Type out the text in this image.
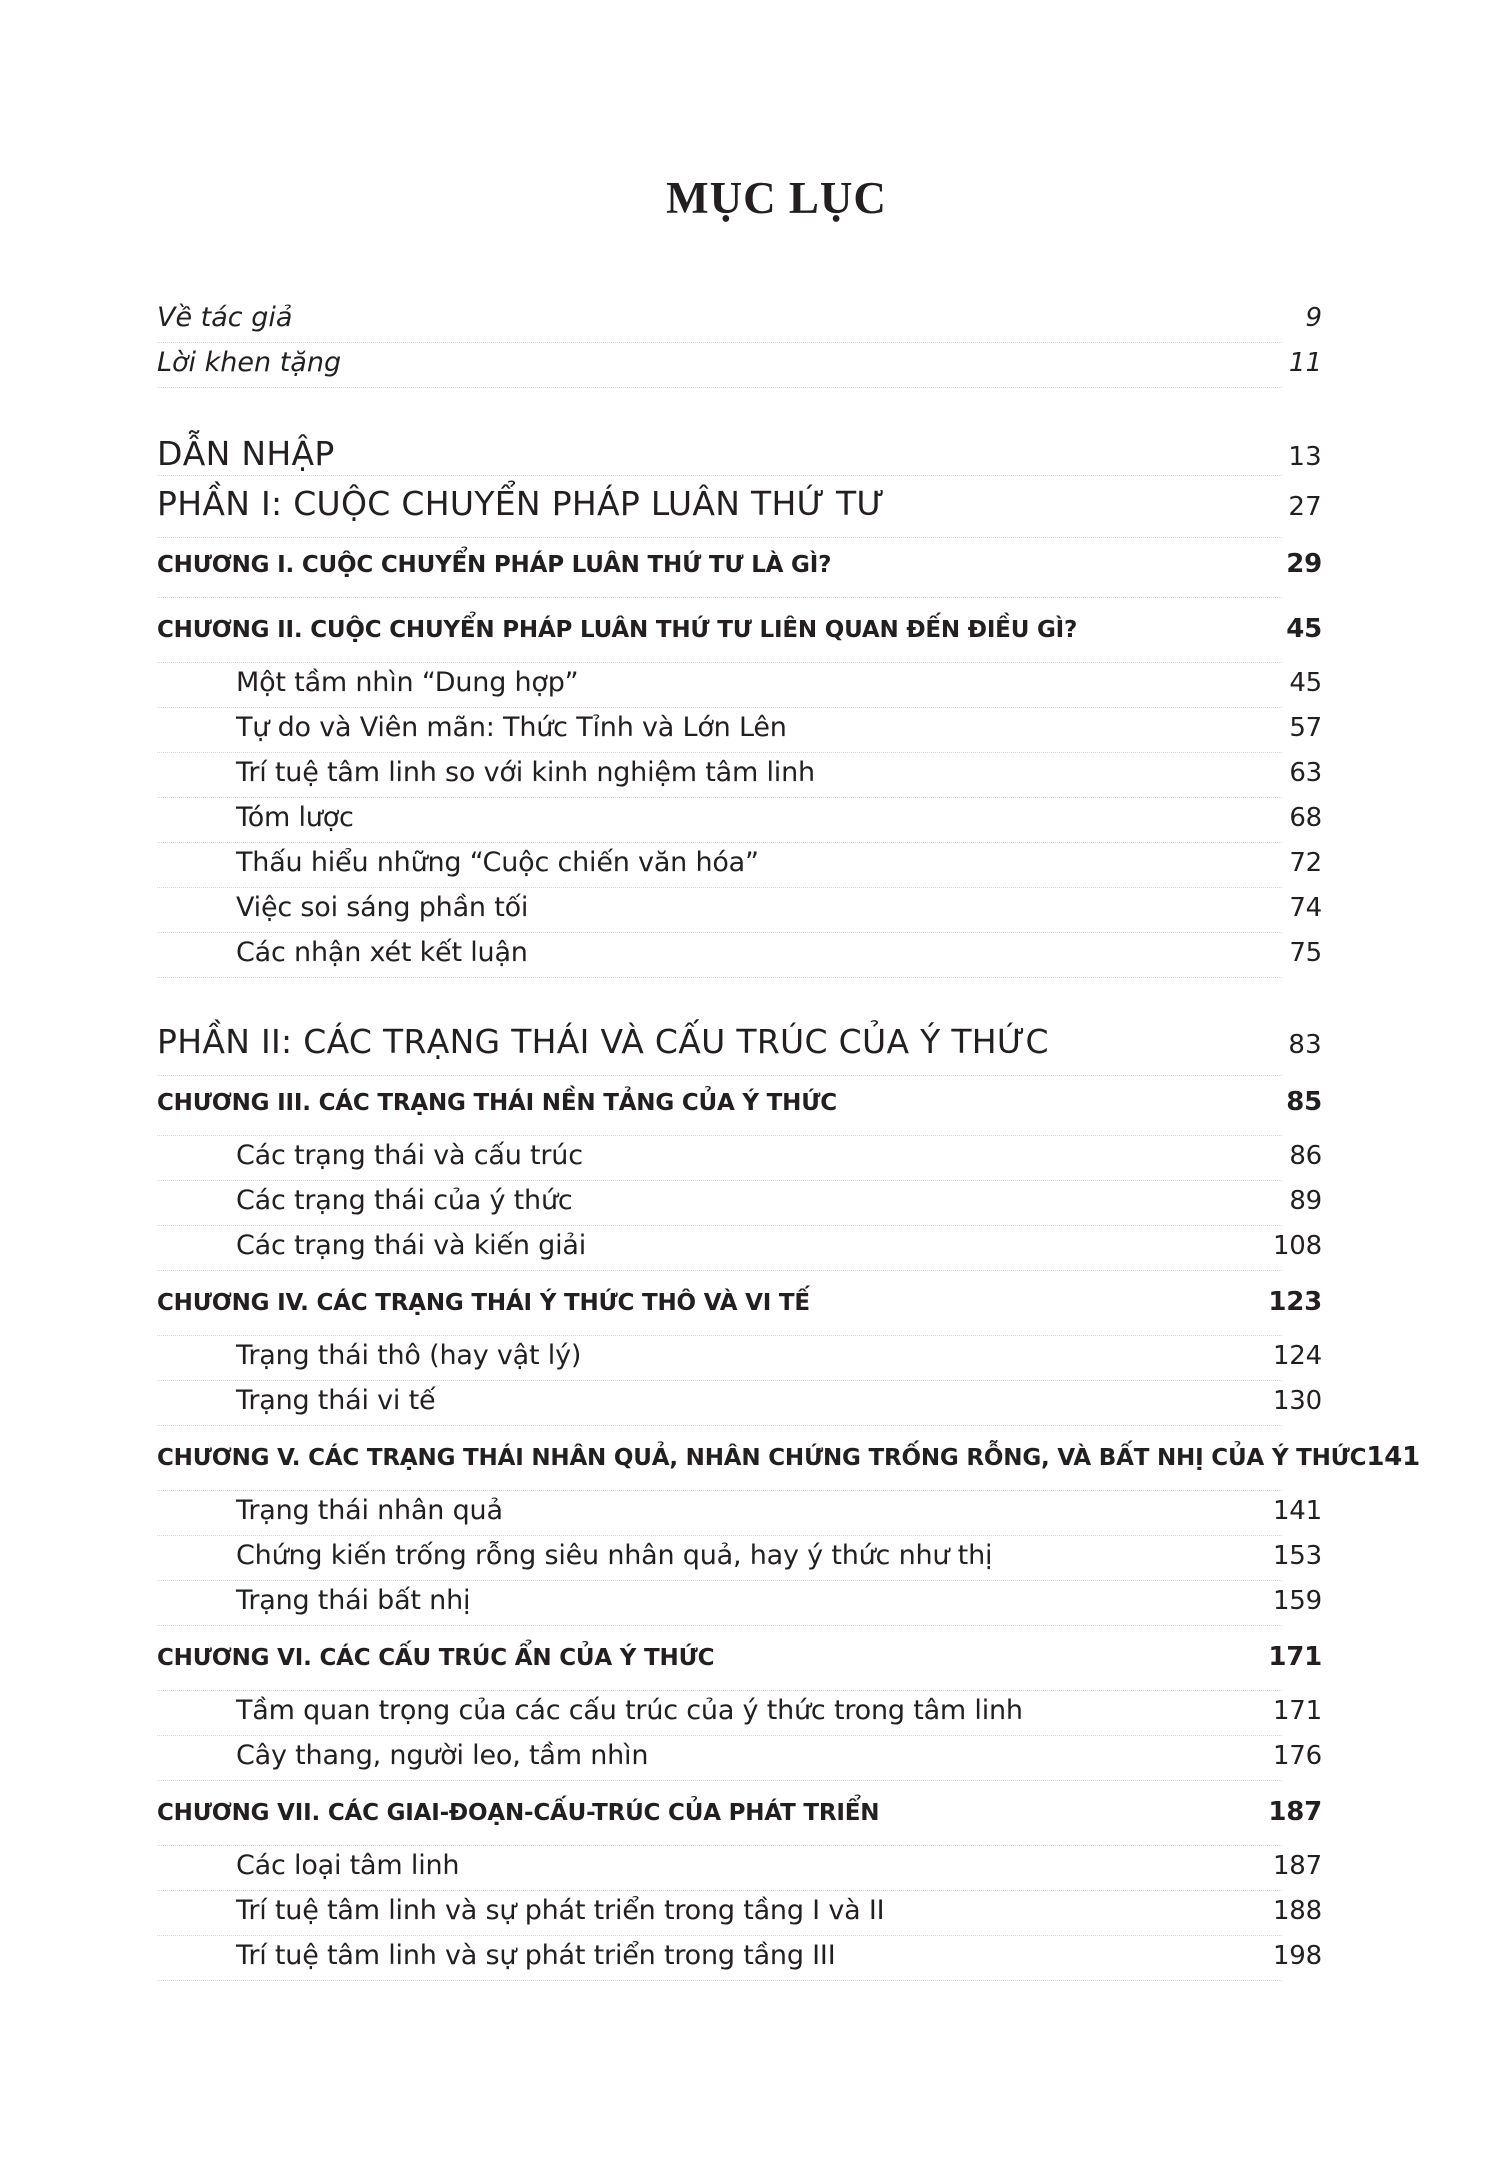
MỤC LỤC
Về tác giả	9
Lời khen tặng	11
DẪN NHẬP	13
PHẦN I: CUỘC CHUYỂN PHÁP LUÂN THỨ TƯ	27
CHƯƠNG I. CUỘC CHUYỂN PHÁP LUÂN THỨ TƯ LÀ GÌ?	29
CHƯƠNG II. CUỘC CHUYỂN PHÁP LUÂN THỨ TƯ LIÊN QUAN ĐẾN ĐIỀU GÌ?	45
Một tầm nhìn “Dung hợp”	45
Tự do và Viên mãn: Thức Tỉnh và Lớn Lên	57
Trí tuệ tâm linh so với kinh nghiệm tâm linh	63
Tóm lược	68
Thấu hiểu những “Cuộc chiến văn hóa”	72
Việc soi sáng phần tối	74
Các nhận xét kết luận	75
PHẦN II: CÁC TRẠNG THÁI VÀ CẤU TRÚC CỦA Ý THỨC	83
CHƯƠNG III. CÁC TRẠNG THÁI NỀN TẢNG CỦA Ý THỨC	85
Các trạng thái và cấu trúc	86
Các trạng thái của ý thức	89
Các trạng thái và kiến giải	108
CHƯƠNG IV. CÁC TRẠNG THÁI Ý THỨC THÔ VÀ VI TẾ	123
Trạng thái thô (hay vật lý)	124
Trạng thái vi tế	130
CHƯƠNG V. CÁC TRẠNG THÁI NHÂN QUẢ, NHÂN CHỨNG TRỐNG RỖNG, VÀ BẤT NHỊ CỦA Ý THỨC 141
Trạng thái nhân quả	141
Chứng kiến trống rỗng siêu nhân quả, hay ý thức như thị	153
Trạng thái bất nhị	159
CHƯƠNG VI. CÁC CẤU TRÚC ẨN CỦA Ý THỨC	171
Tầm quan trọng của các cấu trúc của ý thức trong tâm linh	171
Cây thang, người leo, tầm nhìn	176
CHƯƠNG VII. CÁC GIAI-ĐOẠN-CẤU-TRÚC CỦA PHÁT TRIỂN	187
Các loại tâm linh	187
Trí tuệ tâm linh và sự phát triển trong tầng I và II	188
Trí tuệ tâm linh và sự phát triển trong tầng III	198
